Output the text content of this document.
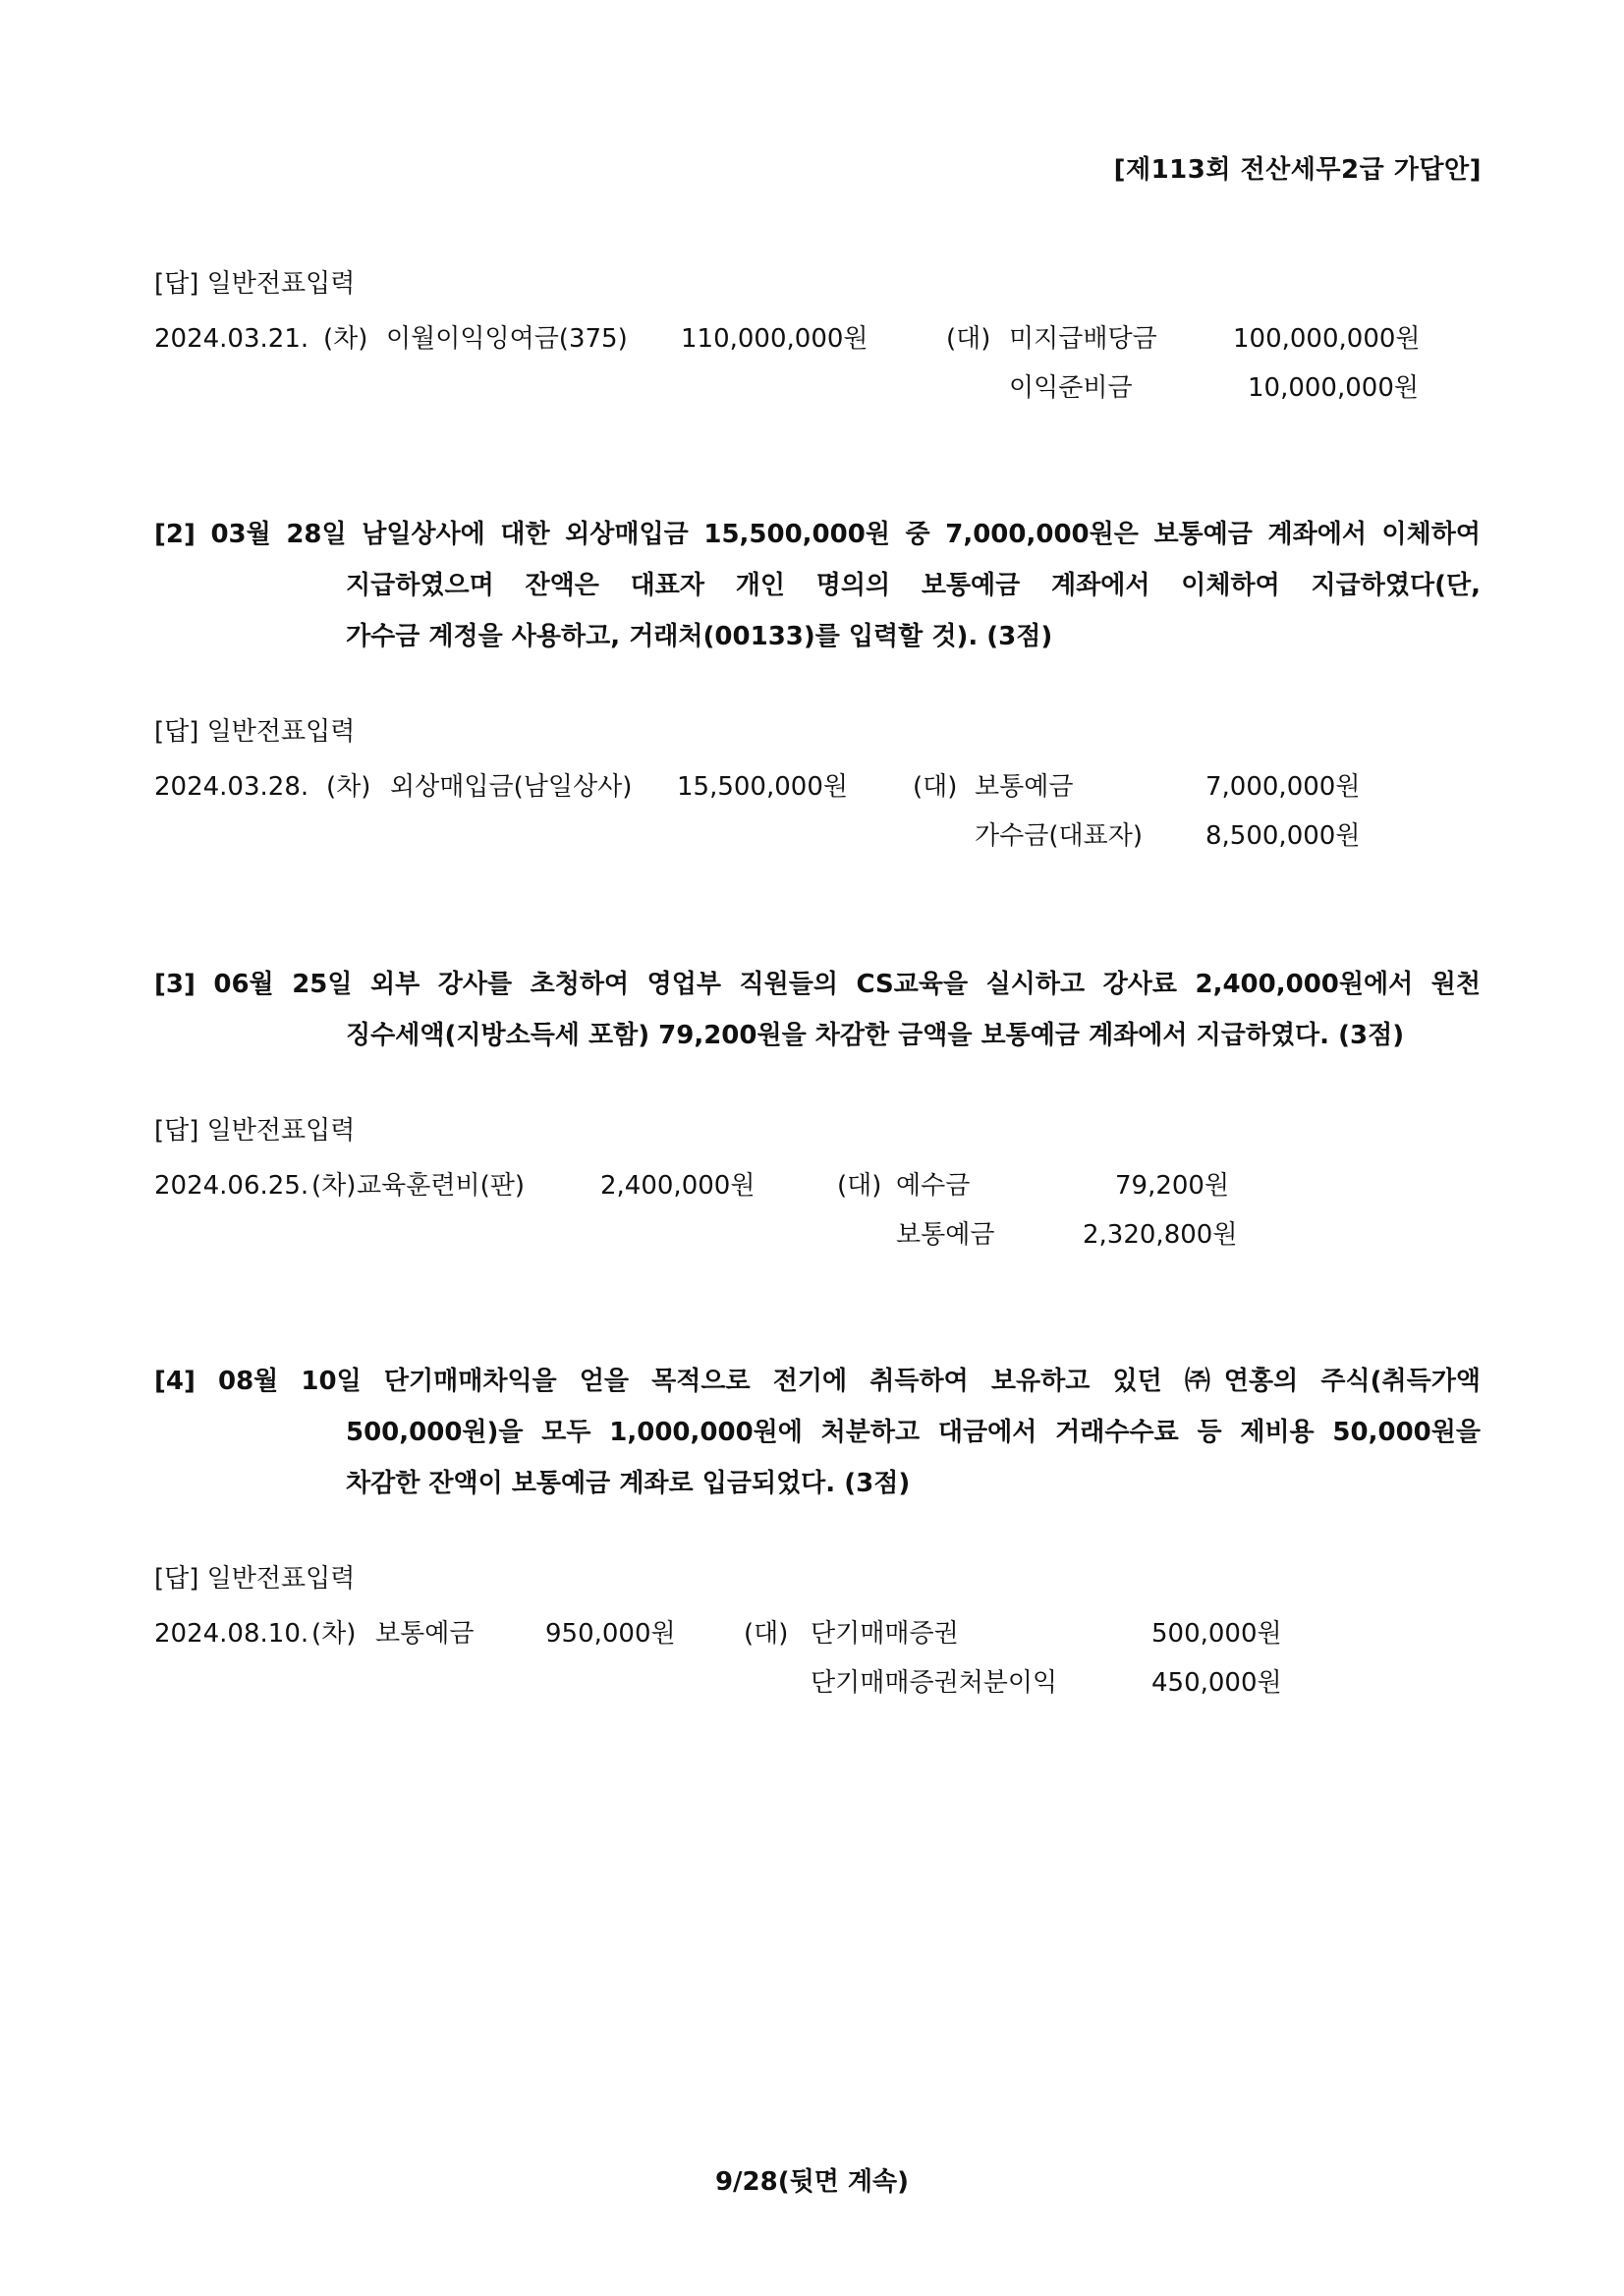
[제113회 전산세무2급 가답안]
[답] 일반전표입력
2024.03.21. (차) 이월이익잉여금(375) 110,000,000원	(대) 미지급배당금	100,000,000원
이익준비금	10,000,000원
[2] 03월 28일 남일상사에 대한 외상매입금 15,500,000원 중 7,000,000원은 보통예금 계좌에서 이체하여
지급하였으며 잔액은 대표자 개인 명의의 보통예금 계좌에서 이체하여 지급하였다(단,
가수금 계정을 사용하고, 거래처(00133)를 입력할 것). (3점)
[답] 일반전표입력
2024.03.28. (차) 외상매입금(남일상사) 15,500,000원	(대) 보통예금	7,000,000원
가수금(대표자) 8,500,000원
[3] 06월 25일 외부 강사를 초청하여 영업부 직원들의 CS교육을 실시하고 강사료 2,400,000원에서 원천
징수세액(지방소득세 포함) 79,200원을 차감한 금액을 보통예금 계좌에서 지급하였다. (3점)
[답] 일반전표입력
2024.06.25. (차) 교육훈련비(판)	2,400,000원	(대) 예수금	79,200원
보통예금	2,320,800원
[4] 08월 10일 단기매매차익을 얻을 목적으로 전기에 취득하여 보유하고 있던 ㈜연홍의 주식(취득가액
500,000원)을 모두 1,000,000원에 처분하고 대금에서 거래수수료 등 제비용 50,000원을
차감한 잔액이 보통예금 계좌로 입금되었다. (3점)
[답] 일반전표입력
2024.08.10. (차) 보통예금	950,000원	(대) 단기매매증권	500,000원
단기매매증권처분이익	450,000원
9/28(뒷면 계속)
